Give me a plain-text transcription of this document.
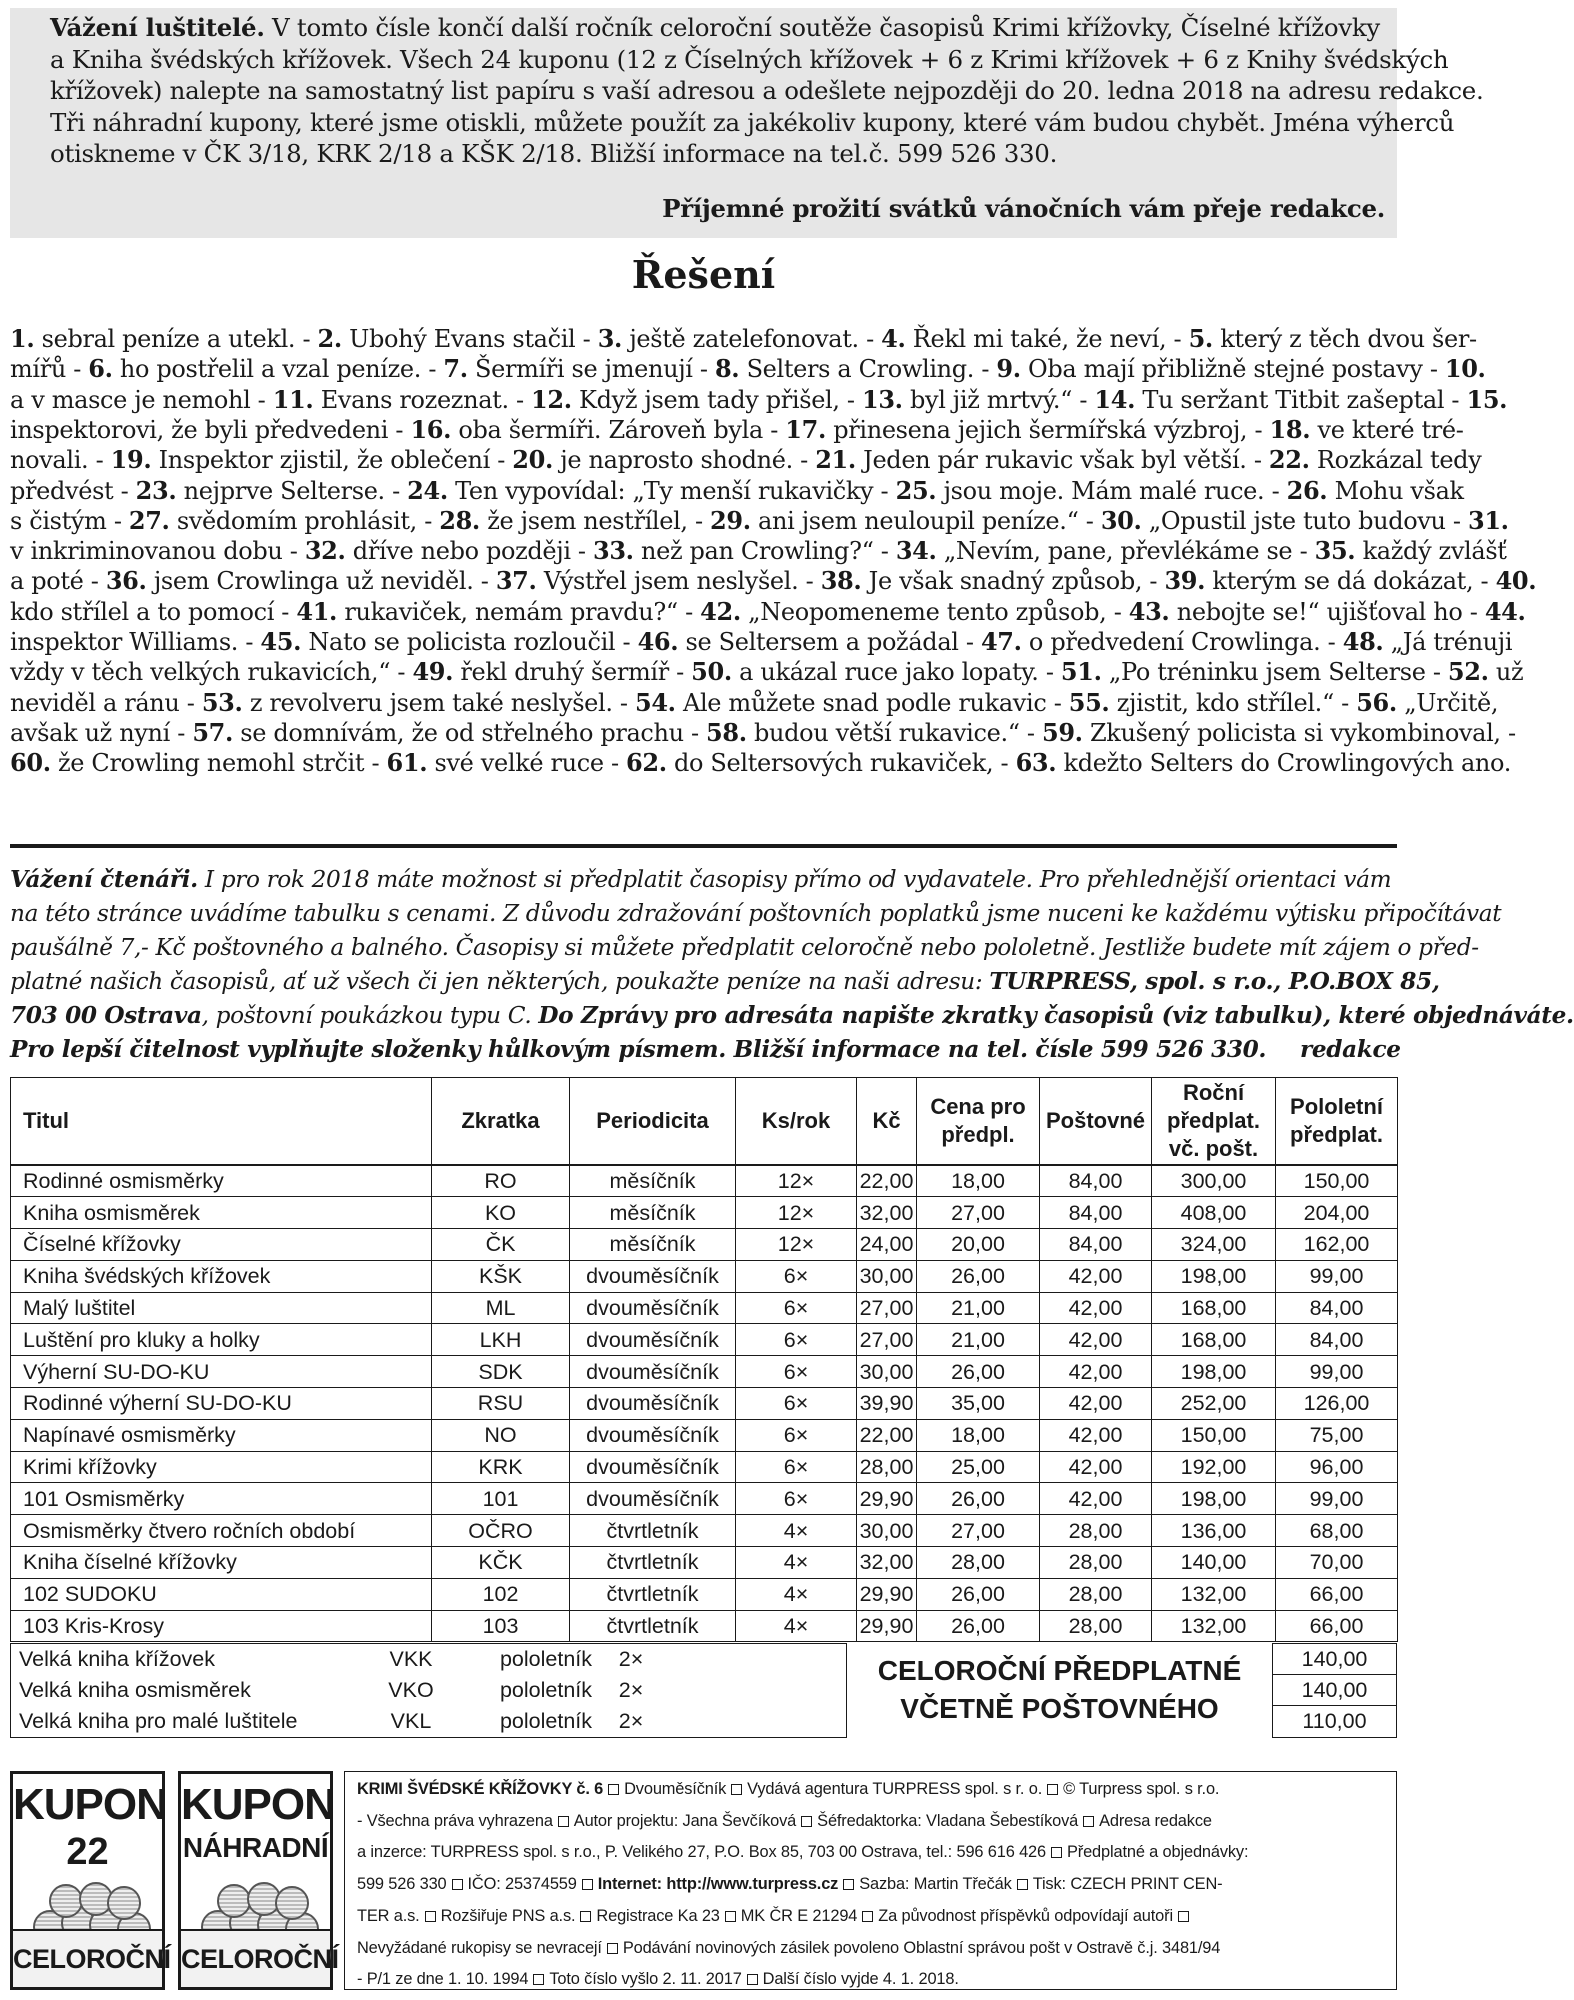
Vážení luštitelé. V tomto čísle končí další ročník celoroční soutěže časopisů Krimi křížovky, Číselné křížovky
a Kniha švédských křížovek. Všech 24 kuponu (12 z Číselných křížovek + 6 z Krimi křížovek + 6 z Knihy švédských
křížovek) nalepte na samostatný list papíru s vaší adresou a odešlete nejpozději do 20. ledna 2018 na adresu redakce.
Tři náhradní kupony, které jsme otiskli, můžete použít za jakékoliv kupony, které vám budou chybět. Jména výherců
otiskneme v ČK 3/18, KRK 2/18 a KŠK 2/18. Bližší informace na tel.č. 599 526 330.
Příjemné prožití svátků vánočních vám přeje redakce.
Řešení
1. sebral peníze a utekl. - 2. Ubohý Evans stačil - 3. ještě zatelefonovat. - 4. Řekl mi také, že neví, - 5. který z těch dvou šer-
mířů - 6. ho postřelil a vzal peníze. - 7. Šermíři se jmenují - 8. Selters a Crowling. - 9. Oba mají přibližně stejné postavy - 10.
a v masce je nemohl - 11. Evans rozeznat. - 12. Když jsem tady přišel, - 13. byl již mrtvý.“ - 14. Tu seržant Titbit zašeptal - 15.
inspektorovi, že byli předvedeni - 16. oba šermíři. Zároveň byla - 17. přinesena jejich šermířská výzbroj, - 18. ve které tré-
novali. - 19. Inspektor zjistil, že oblečení - 20. je naprosto shodné. - 21. Jeden pár rukavic však byl větší. - 22. Rozkázal tedy
předvést - 23. nejprve Selterse. - 24. Ten vypovídal: „Ty menší rukavičky - 25. jsou moje. Mám malé ruce. - 26. Mohu však
s čistým - 27. svědomím prohlásit, - 28. že jsem nestřílel, - 29. ani jsem neuloupil peníze.“ - 30. „Opustil jste tuto budovu - 31.
v inkriminovanou dobu - 32. dříve nebo později - 33. než pan Crowling?“ - 34. „Nevím, pane, převlékáme se - 35. každý zvlášť
a poté - 36. jsem Crowlinga už neviděl. - 37. Výstřel jsem neslyšel. - 38. Je však snadný způsob, - 39. kterým se dá dokázat, - 40.
kdo střílel a to pomocí - 41. rukaviček, nemám pravdu?“ - 42. „Neopomeneme tento způsob, - 43. nebojte se!“ ujišťoval ho - 44.
inspektor Williams. - 45. Nato se policista rozloučil - 46. se Seltersem a požádal - 47. o předvedení Crowlinga. - 48. „Já trénuji
vždy v těch velkých rukavicích,“ - 49. řekl druhý šermíř - 50. a ukázal ruce jako lopaty. - 51. „Po tréninku jsem Selterse - 52. už
neviděl a ránu - 53. z revolveru jsem také neslyšel. - 54. Ale můžete snad podle rukavic - 55. zjistit, kdo střílel.“ - 56. „Určitě,
avšak už nyní - 57. se domnívám, že od střelného prachu - 58. budou větší rukavice.“ - 59. Zkušený policista si vykombinoval, -
60. že Crowling nemohl strčit - 61. své velké ruce - 62. do Seltersových rukaviček, - 63. kdežto Selters do Crowlingových ano.
Vážení čtenáři. I pro rok 2018 máte možnost si předplatit časopisy přímo od vydavatele. Pro přehlednější orientaci vám
na této stránce uvádíme tabulku s cenami. Z důvodu zdražování poštovních poplatků jsme nuceni ke každému výtisku připočítávat
paušálně 7,- Kč poštovného a balného. Časopisy si můžete předplatit celoročně nebo pololetně. Jestliže budete mít zájem o před-
platné našich časopisů, ať už všech či jen některých, poukažte peníze na naši adresu: TURPRESS, spol. s r.o., P.O.BOX 85,
703 00 Ostrava, poštovní poukázkou typu C. Do Zprávy pro adresáta napište zkratky časopisů (viz tabulku), které objednáváte.
Pro lepší čitelnost vyplňujte složenky hůlkovým písmem. Bližší informace na tel. čísle 599 526 330.	redakce
Titul	Zkratka	Periodicita	Ks/rok	Kč	Cena pro
předpl.	Poštovné	Roční
předplat.
vč. pošt.	Pololetní
předplat.
Rodinné osmisměrky	RO	měsíčník	12×	22,00	18,00	84,00	300,00	150,00
Kniha osmisměrek	KO	měsíčník	12×	32,00	27,00	84,00	408,00	204,00
Číselné křížovky	ČK	měsíčník	12×	24,00	20,00	84,00	324,00	162,00
Kniha švédských křížovek	KŠK	dvouměsíčník	6×	30,00	26,00	42,00	198,00	99,00
Malý luštitel	ML	dvouměsíčník	6×	27,00	21,00	42,00	168,00	84,00
Luštění pro kluky a holky	LKH	dvouměsíčník	6×	27,00	21,00	42,00	168,00	84,00
Výherní SU-DO-KU	SDK	dvouměsíčník	6×	30,00	26,00	42,00	198,00	99,00
Rodinné výherní SU-DO-KU	RSU	dvouměsíčník	6×	39,90	35,00	42,00	252,00	126,00
Napínavé osmisměrky	NO	dvouměsíčník	6×	22,00	18,00	42,00	150,00	75,00
Krimi křížovky	KRK	dvouměsíčník	6×	28,00	25,00	42,00	192,00	96,00
101 Osmisměrky	101	dvouměsíčník	6×	29,90	26,00	42,00	198,00	99,00
Osmisměrky čtvero ročních období	OČRO	čtvrtletník	4×	30,00	27,00	28,00	136,00	68,00
Kniha číselné křížovky	KČK	čtvrtletník	4×	32,00	28,00	28,00	140,00	70,00
102 SUDOKU	102	čtvrtletník	4×	29,90	26,00	28,00	132,00	66,00
103 Kris-Krosy	103	čtvrtletník	4×	29,90	26,00	28,00	132,00	66,00
Velká kniha křížovek	VKK	pololetník	2×
Velká kniha osmisměrek	VKO	pololetník	2×
Velká kniha pro malé luštitele	VKL	pololetník	2×
CELOROČNÍ PŘEDPLATNÉ
VČETNĚ POŠTOVNÉHO
140,00
140,00
110,00
KUPON
22
CELOROČNÍ
KUPON
NÁHRADNÍ
CELOROČNÍ
KRIMI ŠVÉDSKÉ KŘÍŽOVKY č. 6 Dvouměsíčník Vydává agentura TURPRESS spol. s r. o. © Turpress spol. s r.o.
- Všechna práva vyhrazena Autor projektu: Jana Ševčíková Šéfredaktorka: Vladana Šebestíková Adresa redakce
a inzerce: TURPRESS spol. s r.o., P. Velikého 27, P.O. Box 85, 703 00 Ostrava, tel.: 596 616 426 Předplatné a objednávky:
599 526 330 IČO: 25374559 Internet: http://www.turpress.cz Sazba: Martin Třečák Tisk: CZECH PRINT CEN-
TER a.s. Rozšiřuje PNS a.s. Registrace Ka 23 MK ČR E 21294 Za původnost příspěvků odpovídají autoři
Nevyžádané rukopisy se nevracejí Podávání novinových zásilek povoleno Oblastní správou pošt v Ostravě č.j. 3481/94
- P/1 ze dne 1. 10. 1994 Toto číslo vyšlo 2. 11. 2017 Další číslo vyjde 4. 1. 2018.
